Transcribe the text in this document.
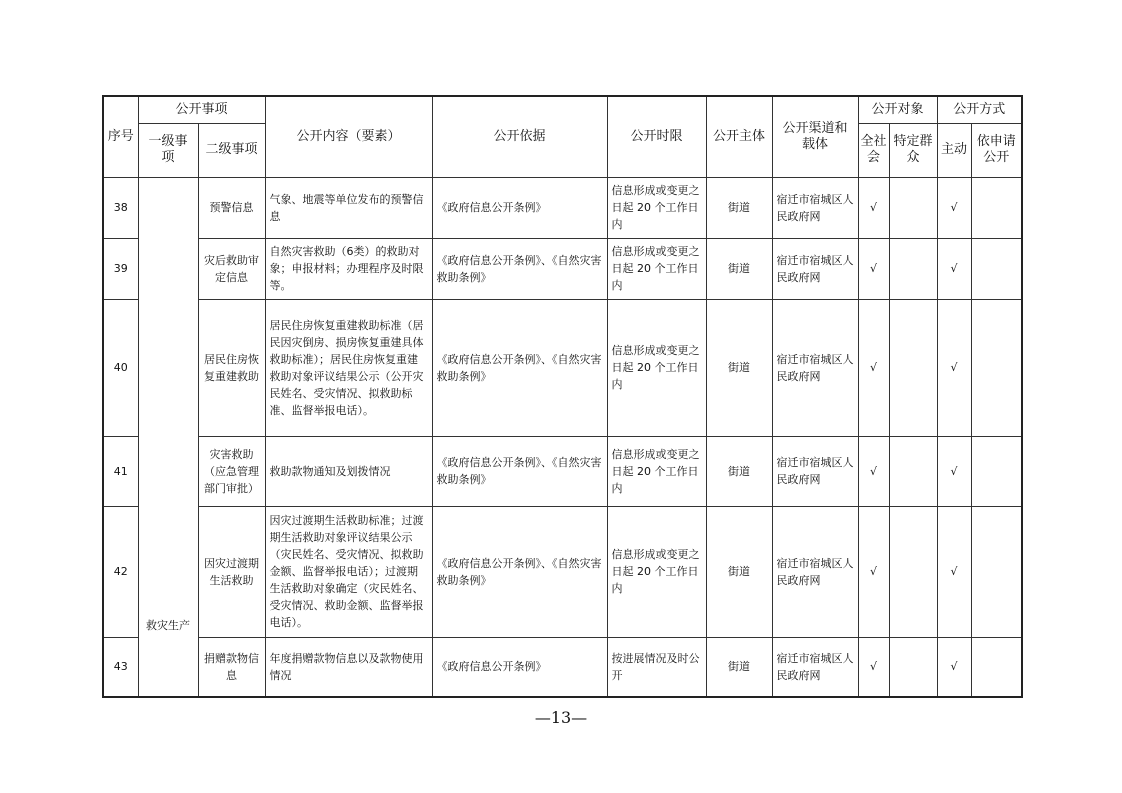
序号	公开事项		公开内容（要素）	公开依据	公开时限	公开主体	公开渠道和载体	公开对象		公开方式	
	一级事项	二级事项						全社会	特定群众	主动	依申请公开
38	救灾生产	预警信息	气象、地震等单位发布的预警信息	《政府信息公开条例》	信息形成或变更之日起 20 个工作日内	街道	宿迁市宿城区人民政府网	√		√	
39		灾后救助审定信息	自然灾害救助（6类）的救助对象；申报材料；办理程序及时限等。	《政府信息公开条例》、《自然灾害救助条例》	信息形成或变更之日起 20 个工作日内	街道	宿迁市宿城区人民政府网	√		√	
40		居民住房恢复重建救助	居民住房恢复重建救助标准（居民因灾倒房、损房恢复重建具体救助标准）；居民住房恢复重建救助对象评议结果公示（公开灾民姓名、受灾情况、拟救助标准、监督举报电话）。	《政府信息公开条例》、《自然灾害救助条例》	信息形成或变更之日起 20 个工作日内	街道	宿迁市宿城区人民政府网	√		√	
41		灾害救助（应急管理部门审批）	救助款物通知及划拨情况	《政府信息公开条例》、《自然灾害救助条例》	信息形成或变更之日起 20 个工作日内	街道	宿迁市宿城区人民政府网	√		√	
42		因灾过渡期生活救助	因灾过渡期生活救助标准；过渡期生活救助对象评议结果公示（灾民姓名、受灾情况、拟救助金额、监督举报电话）；过渡期生活救助对象确定（灾民姓名、受灾情况、救助金额、监督举报电话）。	《政府信息公开条例》、《自然灾害救助条例》	信息形成或变更之日起 20 个工作日内	街道	宿迁市宿城区人民政府网	√		√	
43		捐赠款物信息	年度捐赠款物信息以及款物使用情况	《政府信息公开条例》	按进展情况及时公开	街道	宿迁市宿城区人民政府网	√		√	
—13—
